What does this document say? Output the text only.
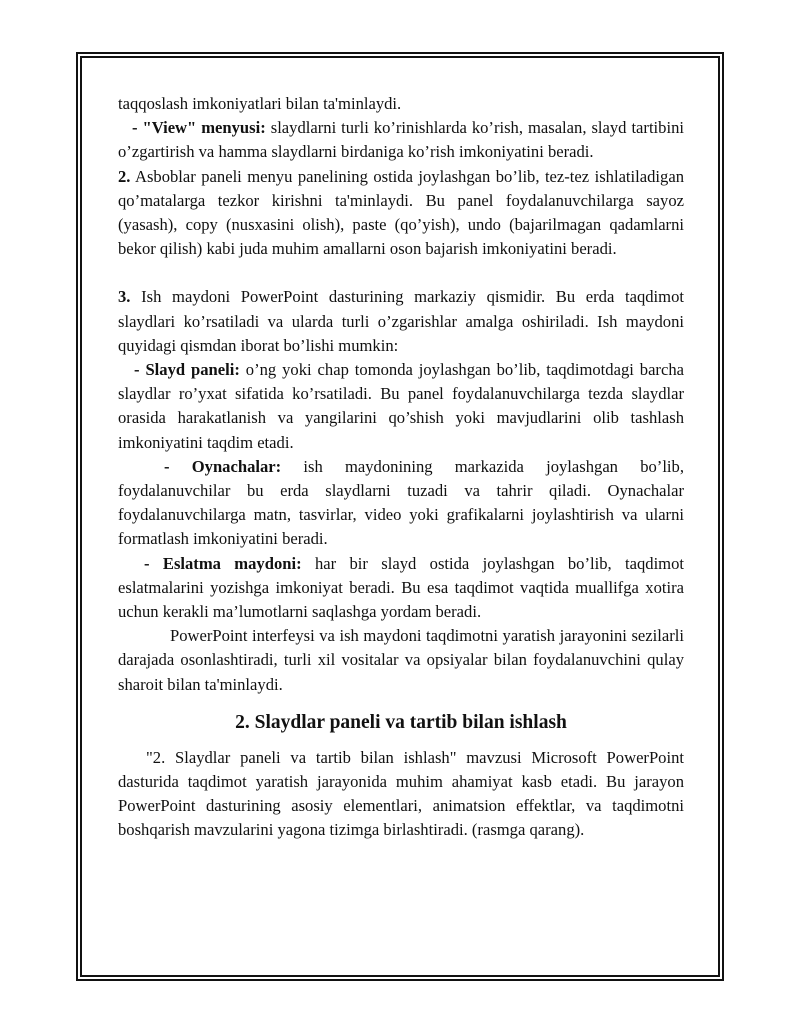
taqqoslash imkoniyatlari bilan ta'minlaydi.

- "View" menyusi: slaydlarni turli ko’rinishlarda ko’rish, masalan, slayd tartibini o’zgartirish va hamma slaydlarni birdaniga ko’rish imkoniyatini beradi.

2. Asboblar paneli menyu panelining ostida joylashgan bo’lib, tez-tez ishlatiladigan qo’matalarga tezkor kirishni ta'minlaydi. Bu panel foydalanuvchilarga sayoz (yasash), copy (nusxasini olish), paste (qo’yish), undo (bajarilmagan qadamlarni bekor qilish) kabi juda muhim amallarni oson bajarish imkoniyatini beradi.

3. Ish maydoni PowerPoint dasturining markaziy qismidir. Bu erda taqdimot slaydlari ko’rsatiladi va ularda turli o’zgarishlar amalga oshiriladi. Ish maydoni quyidagi qismdan iborat bo’lishi mumkin:

- Slayd paneli: o’ng yoki chap tomonda joylashgan bo’lib, taqdimotdagi barcha slaydlar ro’yxat sifatida ko’rsatiladi. Bu panel foydalanuvchilarga tezda slaydlar orasida harakatlanish va yangilarini qo’shish yoki mavjudlarini olib tashlash imkoniyatini taqdim etadi.

- Oynachalar: ish maydonining markazida joylashgan bo’lib, foydalanuvchilar bu erda slaydlarni tuzadi va tahrir qiladi. Oynachalar foydalanuvchilarga matn, tasvirlar, video yoki grafikalarni joylashtirish va ularni formatlash imkoniyatini beradi.

- Eslatma maydoni: har bir slayd ostida joylashgan bo’lib, taqdimot eslatmalarini yozishga imkoniyat beradi. Bu esa taqdimot vaqtida muallifga xotira uchun kerakli ma’lumotlarni saqlashga yordam beradi.

PowerPoint interfeysi va ish maydoni taqdimotni yaratish jarayonini sezilarli darajada osonlashtiradi, turli xil vositalar va opsiyalar bilan foydalanuvchini qulay sharoit bilan ta'minlaydi.

2. Slaydlar paneli va tartib bilan ishlash

"2. Slaydlar paneli va tartib bilan ishlash" mavzusi Microsoft PowerPoint dasturida taqdimot yaratish jarayonida muhim ahamiyat kasb etadi. Bu jarayon PowerPoint dasturining asosiy elementlari, animatsion effektlar, va taqdimotni boshqarish mavzularini yagona tizimga birlashtiradi. (rasmga qarang).
